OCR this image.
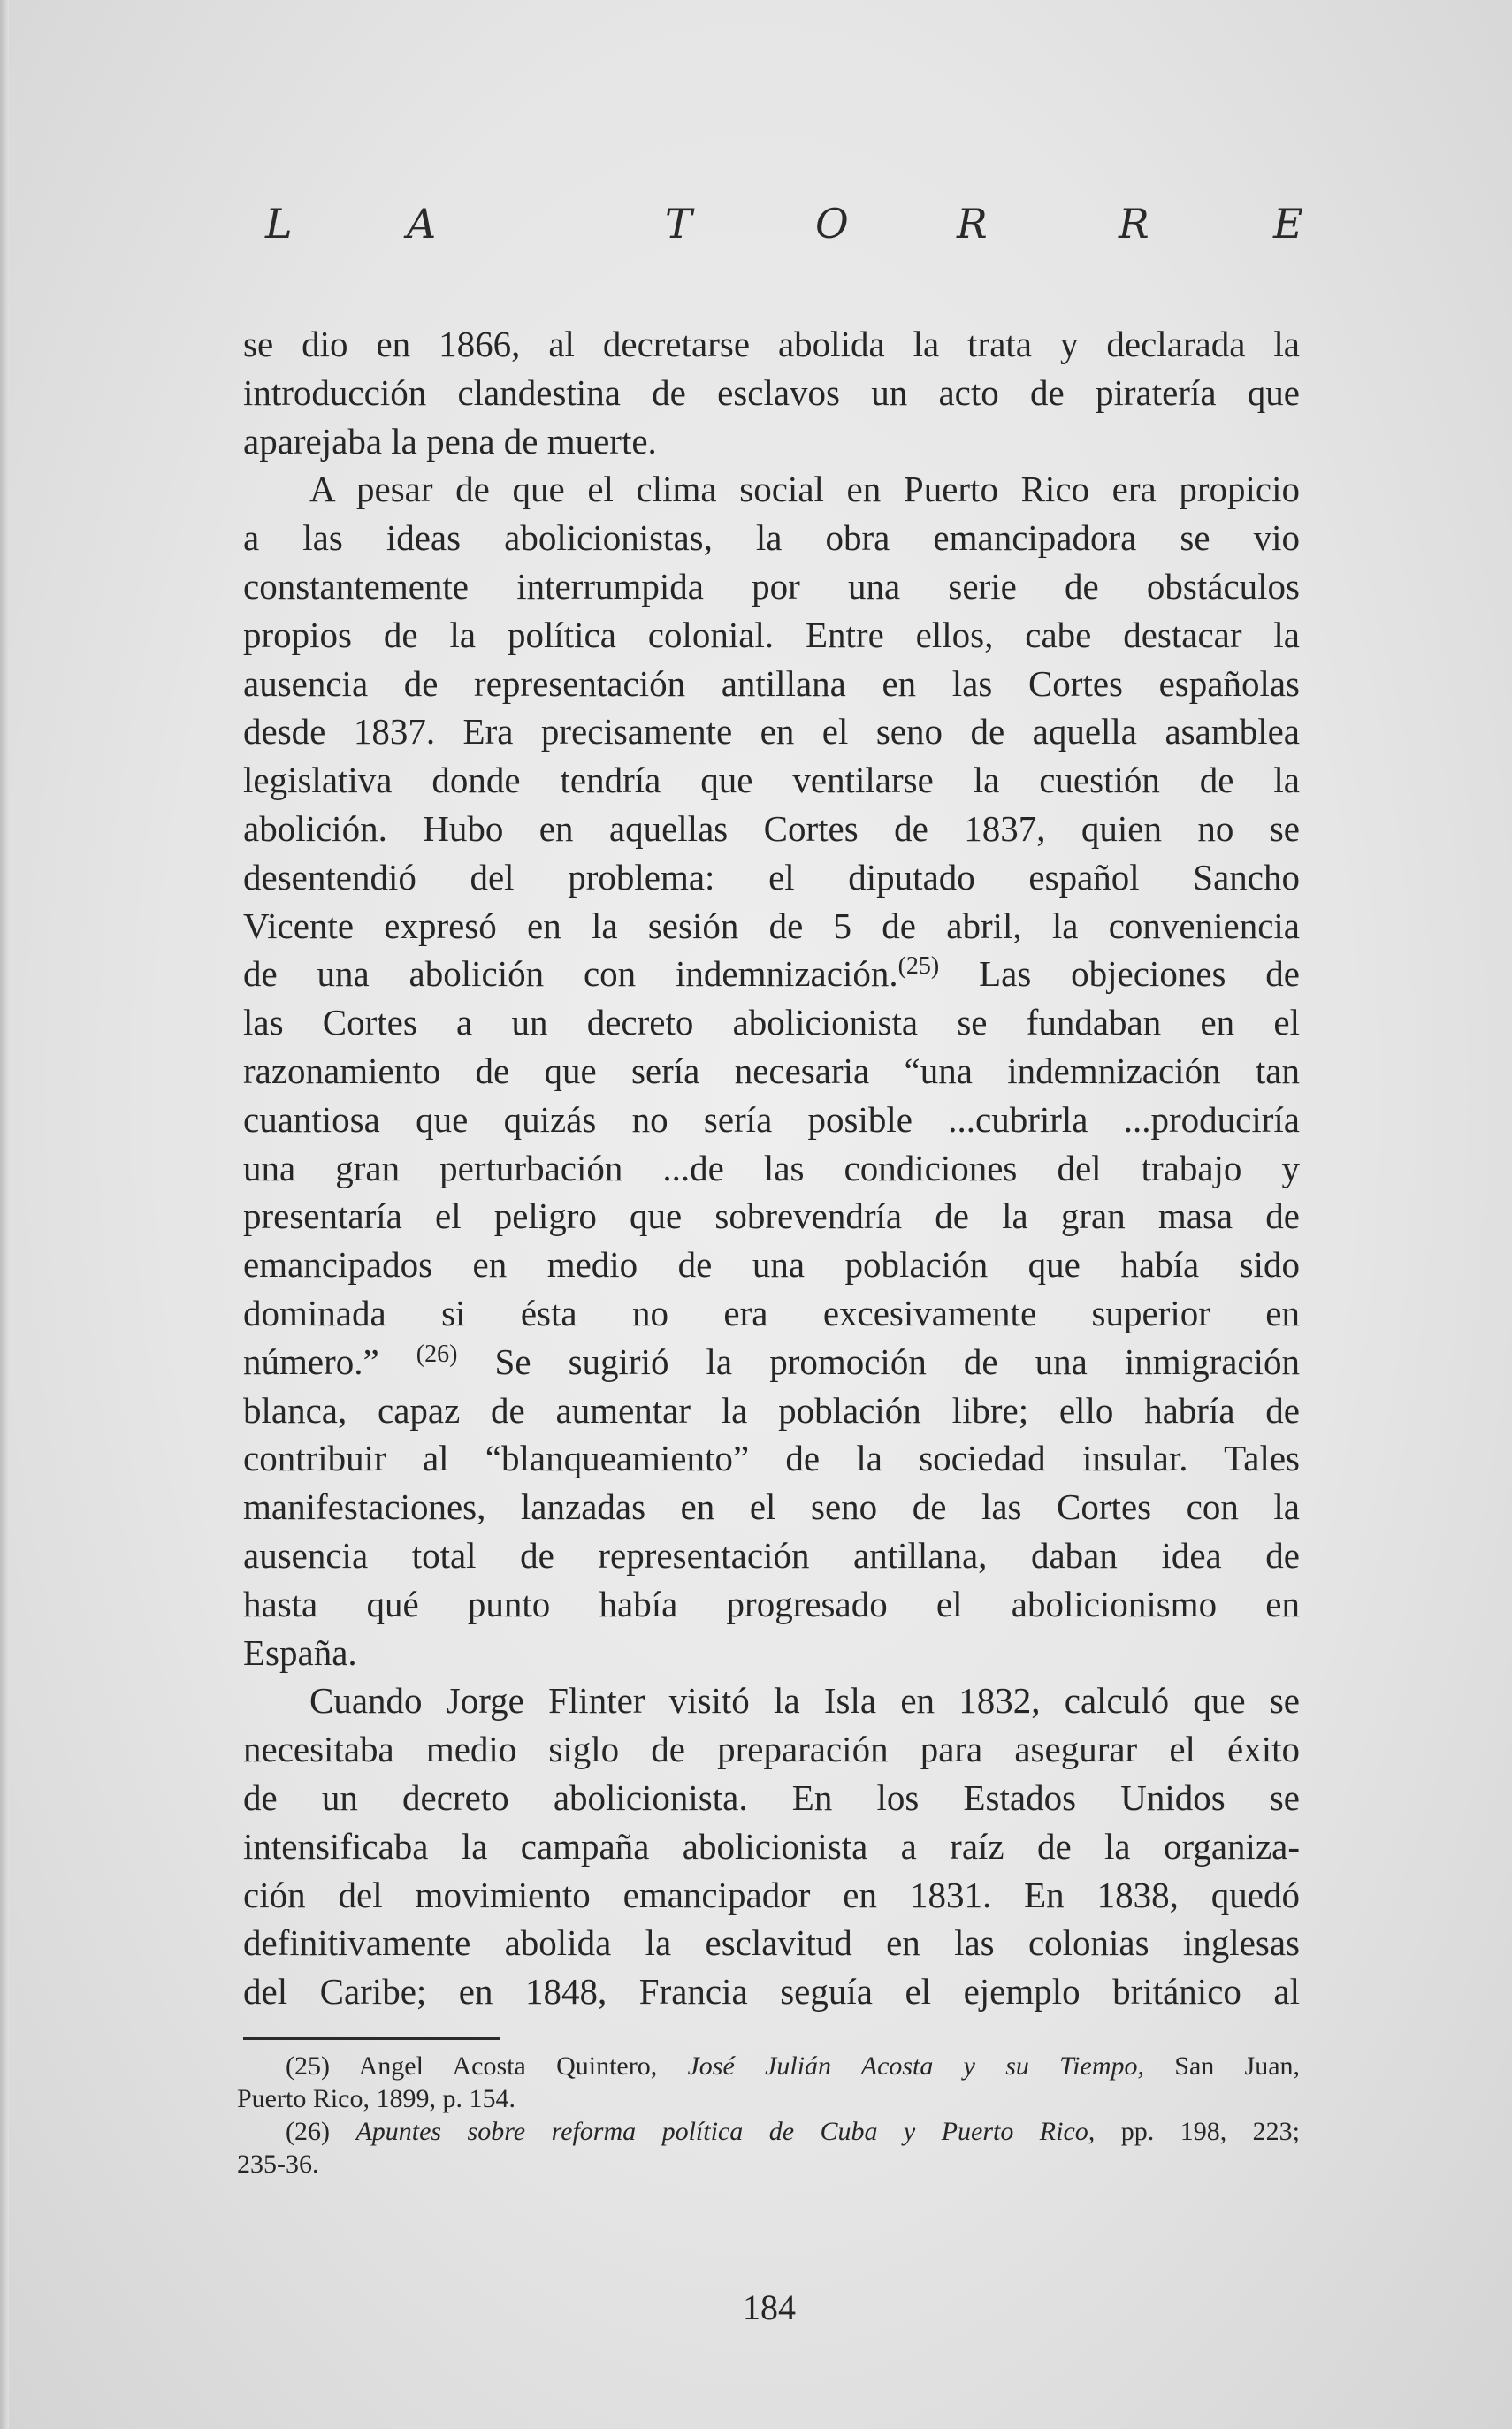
L	A	T	O	R	R	E
se dio en 1866, al decretarse abolida la trata y declarada la
introducción clandestina de esclavos un acto de piratería que
aparejaba la pena de muerte.
A pesar de que el clima social en Puerto Rico era propicio
a las ideas abolicionistas, la obra emancipadora se vio
constantemente interrumpida por una serie de obstáculos
propios de la política colonial. Entre ellos, cabe destacar la
ausencia de representación antillana en las Cortes españolas
desde 1837. Era precisamente en el seno de aquella asamblea
legislativa donde tendría que ventilarse la cuestión de la
abolición. Hubo en aquellas Cortes de 1837, quien no se
desentendió del problema: el diputado español Sancho
Vicente expresó en la sesión de 5 de abril, la conveniencia
de una abolición con indemnización.$^{(25)}$ Las objeciones de
las Cortes a un decreto abolicionista se fundaban en el
razonamiento de que sería necesaria “una indemnización tan
cuantiosa que quizás no sería posible ...cubrirla ...produciría
una gran perturbación ...de las condiciones del trabajo y
presentaría el peligro que sobrevendría de la gran masa de
emancipados en medio de una población que había sido
dominada si ésta no era excesivamente superior en
número.” $^{(26)}$ Se sugirió la promoción de una inmigración
blanca, capaz de aumentar la población libre; ello habría de
contribuir al “blanqueamiento” de la sociedad insular. Tales
manifestaciones, lanzadas en el seno de las Cortes con la
ausencia total de representación antillana, daban idea de
hasta qué punto había progresado el abolicionismo en
España.
Cuando Jorge Flinter visitó la Isla en 1832, calculó que se
necesitaba medio siglo de preparación para asegurar el éxito
de un decreto abolicionista. En los Estados Unidos se
intensificaba la campaña abolicionista a raíz de la organiza-
ción del movimiento emancipador en 1831. En 1838, quedó
definitivamente abolida la esclavitud en las colonias inglesas
del Caribe; en 1848, Francia seguía el ejemplo británico al
(25) Angel Acosta Quintero, José Julián Acosta y su Tiempo, San Juan,
Puerto Rico, 1899, p. 154.
(26) Apuntes sobre reforma política de Cuba y Puerto Rico, pp. 198, 223;
235-36.
184
